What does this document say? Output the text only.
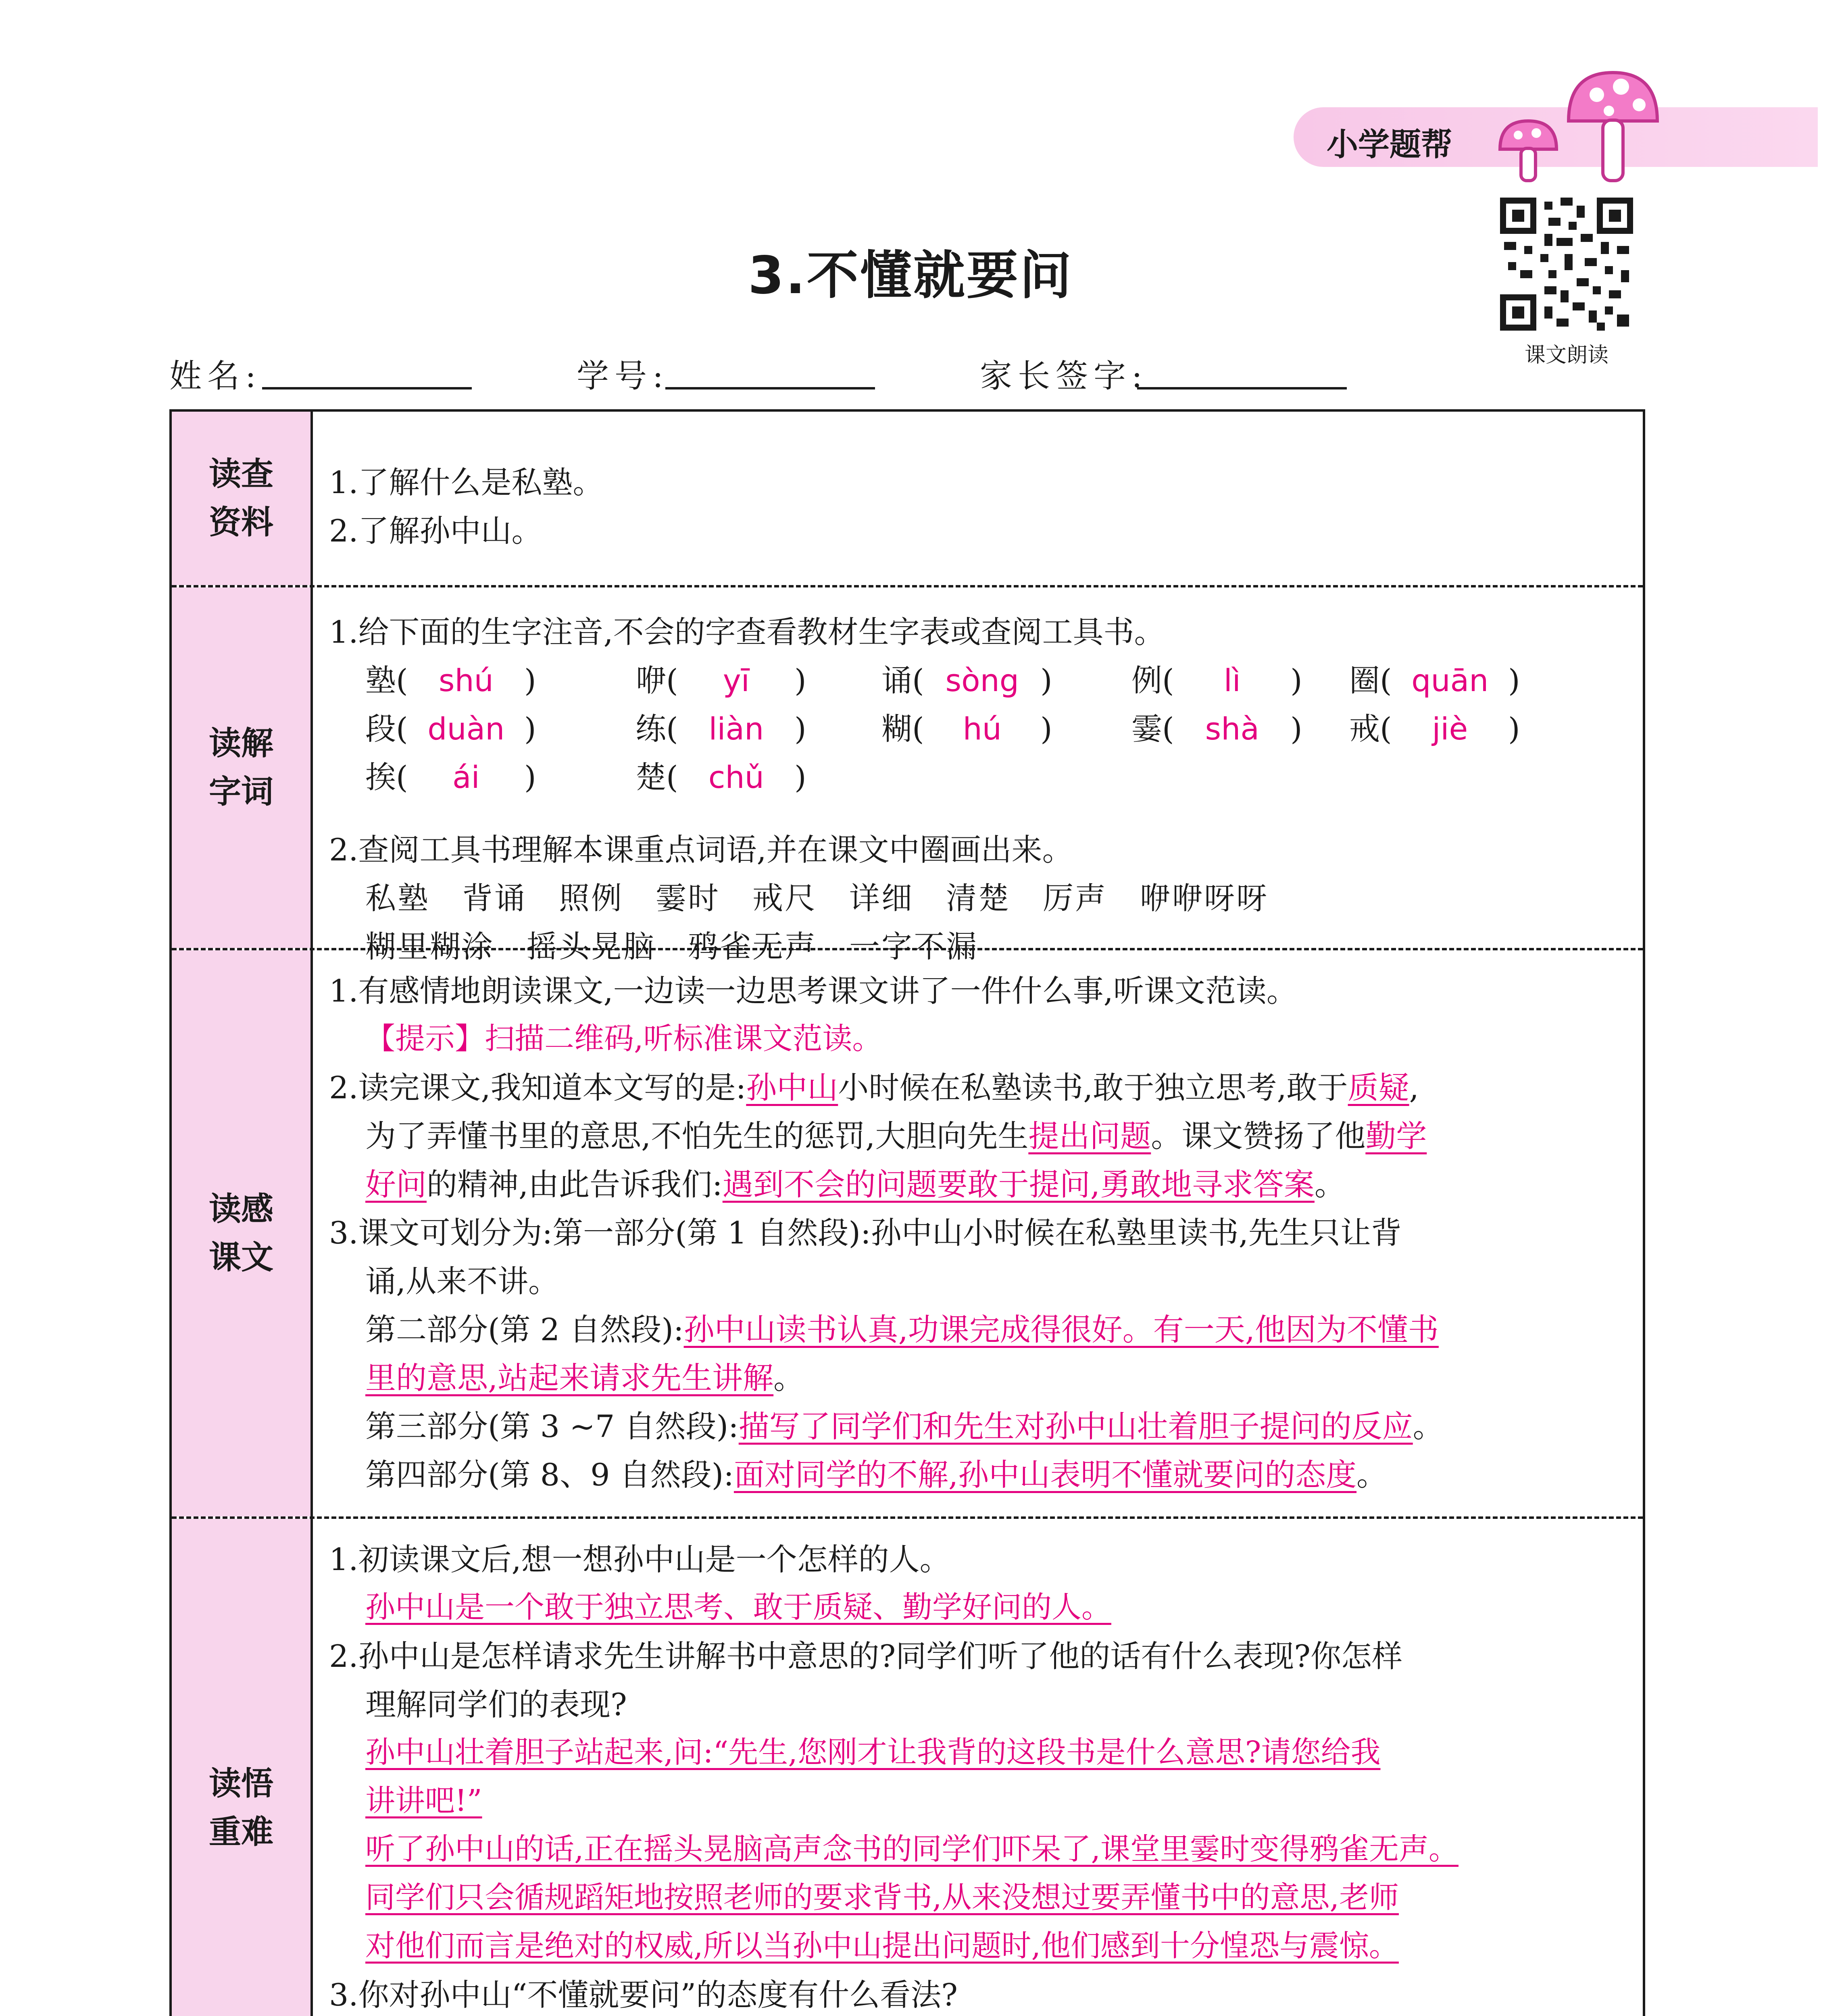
小学题帮
课文朗读
3.不懂就要问
姓名:	学号:	家长签字:
读查
资料
1.了解什么是私塾。
2.了解孙中山。
读解
字词
1.给下面的生字注音,不会的字查看教材生字表或查阅工具书。
塾( shú )	咿( yī ) 诵( sòng )	例( lì ) 圈( quān )
段( duàn )	练( liàn ) 糊( hú )	霎( shà ) 戒( jiè )
挨( ái )	楚( chǔ )
2.查阅工具书理解本课重点词语,并在课文中圈画出来。
私塾　背诵　照例　霎时　戒尺　详细　清楚　厉声　咿咿呀呀
糊里糊涂　摇头晃脑　鸦雀无声　一字不漏
读感
课文
1.有感情地朗读课文,一边读一边思考课文讲了一件什么事,听课文范读。
【提示】扫描二维码,听标准课文范读。
2.读完课文,我知道本文写的是:孙中山小时候在私塾读书,敢于独立思考,敢于质疑,
为了弄懂书里的意思,不怕先生的惩罚,大胆向先生提出问题。课文赞扬了他勤学
好问的精神,由此告诉我们:遇到不会的问题要敢于提问,勇敢地寻求答案。
3.课文可划分为:第一部分(第 1 自然段):孙中山小时候在私塾里读书,先生只让背
诵,从来不讲。
第二部分(第 2 自然段):孙中山读书认真,功课完成得很好。有一天,他因为不懂书
里的意思,站起来请求先生讲解。
第三部分(第 3 ~7 自然段):描写了同学们和先生对孙中山壮着胆子提问的反应。
第四部分(第 8、9 自然段):面对同学的不解,孙中山表明不懂就要问的态度。
读悟
重难
1.初读课文后,想一想孙中山是一个怎样的人。
孙中山是一个敢于独立思考、敢于质疑、勤学好问的人。
2.孙中山是怎样请求先生讲解书中意思的?同学们听了他的话有什么表现?你怎样
理解同学们的表现?
孙中山壮着胆子站起来,问:“先生,您刚才让我背的这段书是什么意思?请您给我
讲讲吧!”
听了孙中山的话,正在摇头晃脑高声念书的同学们吓呆了,课堂里霎时变得鸦雀无声。
同学们只会循规蹈矩地按照老师的要求背书,从来没想过要弄懂书中的意思,老师
对他们而言是绝对的权威,所以当孙中山提出问题时,他们感到十分惶恐与震惊。
3.你对孙中山“不懂就要问”的态度有什么看法?
